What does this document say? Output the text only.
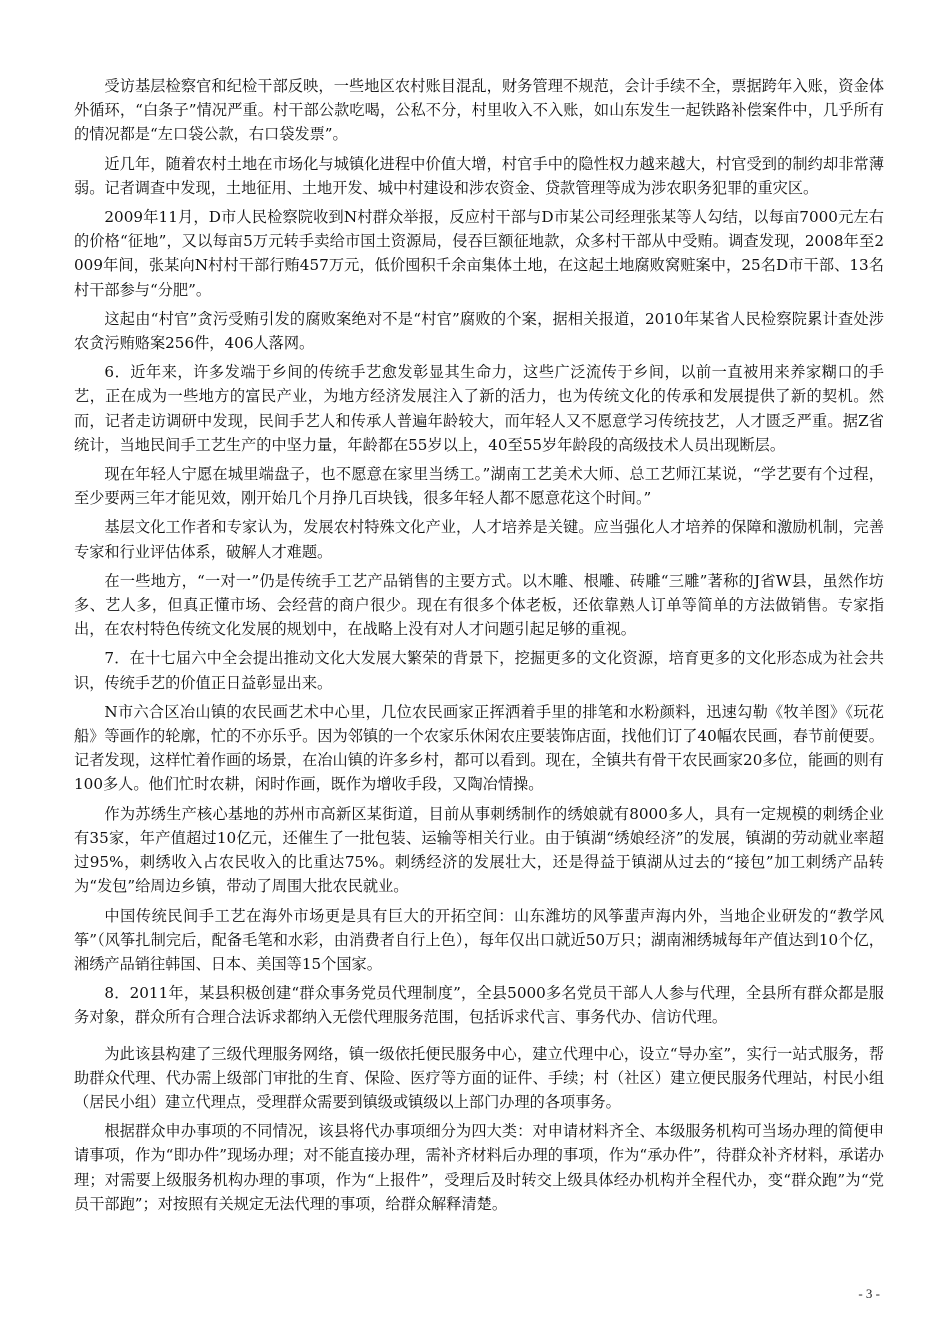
受访基层检察官和纪检干部反映，一些地区农村账目混乱，财务管理不规范，会计手续不全，票据跨年入账，资金体外循环，“白条子”情况严重。村干部公款吃喝，公私不分，村里收入不入账，如山东发生一起铁路补偿案件中，几乎所有的情况都是“左口袋公款，右口袋发票”。

近几年，随着农村土地在市场化与城镇化进程中价值大增，村官手中的隐性权力越来越大，村官受到的制约却非常薄弱。记者调查中发现，土地征用、土地开发、城中村建设和涉农资金、贷款管理等成为涉农职务犯罪的重灾区。

2009年11月，D市人民检察院收到N村群众举报，反应村干部与D市某公司经理张某等人勾结，以每亩7000元左右的价格“征地”，又以每亩5万元转手卖给市国土资源局，侵吞巨额征地款，众多村干部从中受贿。调查发现，2008年至2009年间，张某向N村村干部行贿457万元，低价囤积千余亩集体土地，在这起土地腐败窝赃案中，25名D市干部、13名村干部参与“分肥”。

这起由“村官”贪污受贿引发的腐败案绝对不是“村官”腐败的个案，据相关报道，2010年某省人民检察院累计查处涉农贪污贿赂案256件，406人落网。

6．近年来，许多发端于乡间的传统手艺愈发彰显其生命力，这些广泛流传于乡间，以前一直被用来养家糊口的手艺，正在成为一些地方的富民产业，为地方经济发展注入了新的活力，也为传统文化的传承和发展提供了新的契机。然而，记者走访调研中发现，民间手艺人和传承人普遍年龄较大，而年轻人又不愿意学习传统技艺，人才匮乏严重。据Z省统计，当地民间手工艺生产的中坚力量，年龄都在55岁以上，40至55岁年龄段的高级技术人员出现断层。

现在年轻人宁愿在城里端盘子，也不愿意在家里当绣工。”湖南工艺美术大师、总工艺师江某说，“学艺要有个过程，至少要两三年才能见效，刚开始几个月挣几百块钱，很多年轻人都不愿意花这个时间。”

基层文化工作者和专家认为，发展农村特殊文化产业，人才培养是关键。应当强化人才培养的保障和激励机制，完善专家和行业评估体系，破解人才难题。

在一些地方，“一对一”仍是传统手工艺产品销售的主要方式。以木雕、根雕、砖雕“三雕”著称的J省W县，虽然作坊多、艺人多，但真正懂市场、会经营的商户很少。现在有很多个体老板，还依靠熟人订单等简单的方法做销售。专家指出，在农村特色传统文化发展的规划中，在战略上没有对人才问题引起足够的重视。

7．在十七届六中全会提出推动文化大发展大繁荣的背景下，挖掘更多的文化资源，培育更多的文化形态成为社会共识，传统手艺的价值正日益彰显出来。

N市六合区冶山镇的农民画艺术中心里，几位农民画家正挥洒着手里的排笔和水粉颜料，迅速勾勒《牧羊图》《玩花船》等画作的轮廓，忙的不亦乐乎。因为邻镇的一个农家乐休闲农庄要装饰店面，找他们订了40幅农民画，春节前便要。记者发现，这样忙着作画的场景，在冶山镇的许多乡村，都可以看到。现在，全镇共有骨干农民画家20多位，能画的则有100多人。他们忙时农耕，闲时作画，既作为增收手段，又陶冶情操。

作为苏绣生产核心基地的苏州市高新区某街道，目前从事刺绣制作的绣娘就有8000多人，具有一定规模的刺绣企业有35家，年产值超过10亿元，还催生了一批包装、运输等相关行业。由于镇湖“绣娘经济”的发展，镇湖的劳动就业率超过95%，刺绣收入占农民收入的比重达75%。刺绣经济的发展壮大，还是得益于镇湖从过去的“接包”加工刺绣产品转为“发包”给周边乡镇，带动了周围大批农民就业。

中国传统民间手工艺在海外市场更是具有巨大的开拓空间：山东潍坊的风筝蜚声海内外，当地企业研发的“教学风筝”（风筝扎制完后，配备毛笔和水彩，由消费者自行上色），每年仅出口就近50万只；湖南湘绣城每年产值达到10个亿，湘绣产品销往韩国、日本、美国等15个国家。

8．2011年，某县积极创建“群众事务党员代理制度”，全县5000多名党员干部人人参与代理，全县所有群众都是服务对象，群众所有合理合法诉求都纳入无偿代理服务范围，包括诉求代言、事务代办、信访代理。

为此该县构建了三级代理服务网络，镇一级依托便民服务中心，建立代理中心，设立“导办室”，实行一站式服务，帮助群众代理、代办需上级部门审批的生育、保险、医疗等方面的证件、手续；村（社区）建立便民服务代理站，村民小组（居民小组）建立代理点，受理群众需要到镇级或镇级以上部门办理的各项事务。

根据群众申办事项的不同情况，该县将代办事项细分为四大类：对申请材料齐全、本级服务机构可当场办理的简便申请事项，作为“即办件”现场办理；对不能直接办理，需补齐材料后办理的事项，作为“承办件”，待群众补齐材料，承诺办理；对需要上级服务机构办理的事项，作为“上报件”，受理后及时转交上级具体经办机构并全程代办，变“群众跑”为“党员干部跑”；对按照有关规定无法代理的事项，给群众解释清楚。

- 3 -
